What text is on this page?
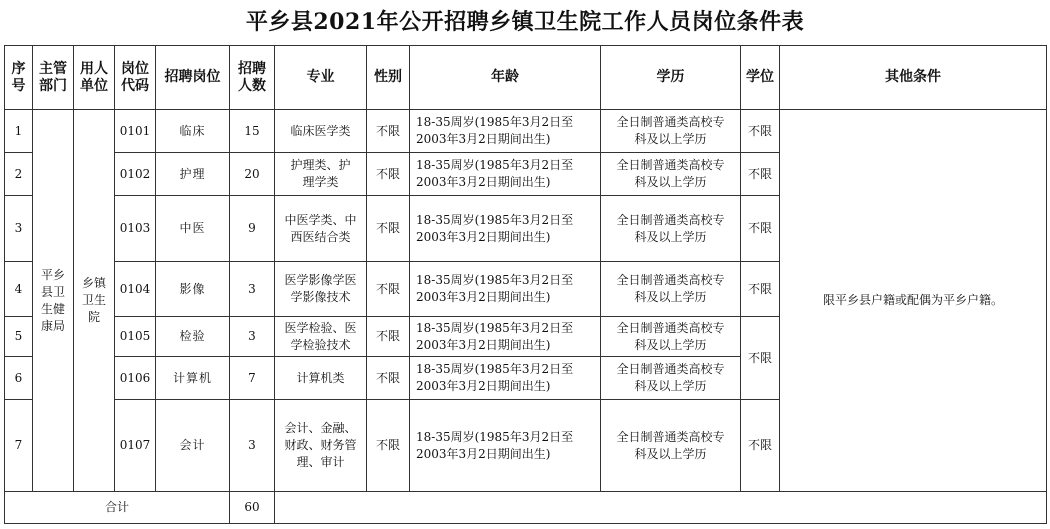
平乡县2021年公开招聘乡镇卫生院工作人员岗位条件表
序号	主管部门	用人单位	岗位代码	招聘岗位	招聘人数	专业	性别	年龄	学历	学位	其他条件
1	平乡县卫生健康局	乡镇卫生院	0101	临床	15	临床医学类	不限	18-35周岁(1985年3月2日至2003年3月2日期间出生)	全日制普通类高校专科及以上学历	不限	限平乡县户籍或配偶为平乡户籍。
2			0102	护理	20	护理类、护理学类	不限	18-35周岁(1985年3月2日至2003年3月2日期间出生)	全日制普通类高校专科及以上学历	不限	
3			0103	中医	9	中医学类、中西医结合类	不限	18-35周岁(1985年3月2日至2003年3月2日期间出生)	全日制普通类高校专科及以上学历	不限	
4			0104	影像	3	医学影像学医学影像技术	不限	18-35周岁(1985年3月2日至2003年3月2日期间出生)	全日制普通类高校专科及以上学历	不限	
5			0105	检验	3	医学检验、医学检验技术	不限	18-35周岁(1985年3月2日至2003年3月2日期间出生)	全日制普通类高校专科及以上学历	不限	
6			0106	计算机	7	计算机类	不限	18-35周岁(1985年3月2日至2003年3月2日期间出生)	全日制普通类高校专科及以上学历		
7			0107	会计	3	会计、金融、财政、财务管理、审计	不限	18-35周岁(1985年3月2日至2003年3月2日期间出生)	全日制普通类高校专科及以上学历	不限	
合计					60						
